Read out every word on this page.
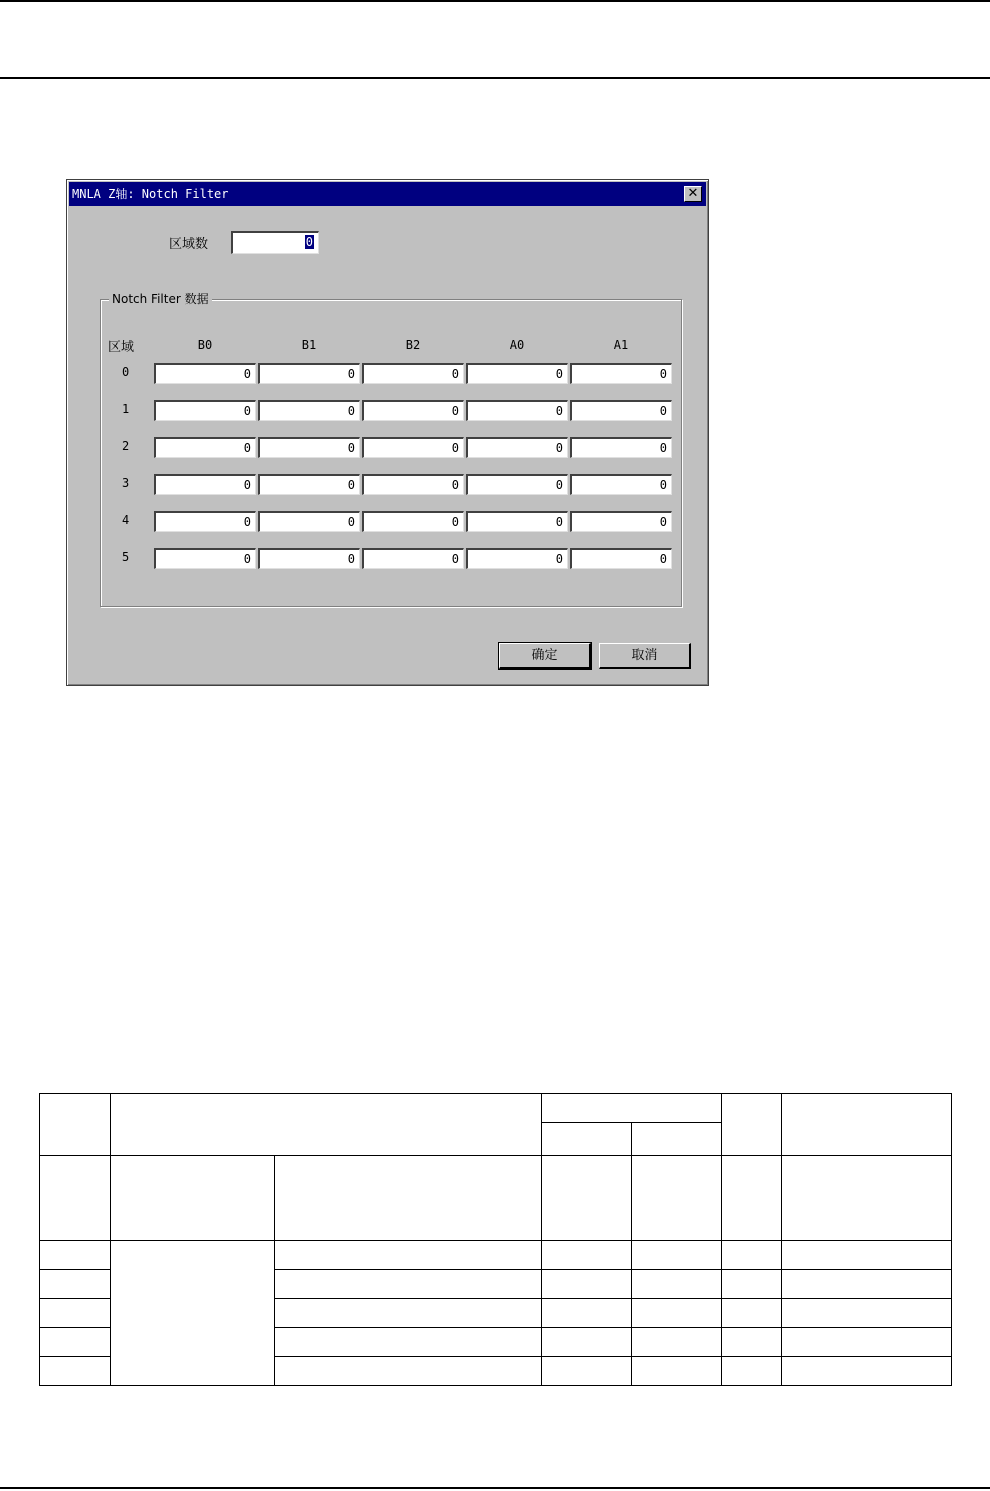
MNLA Z轴: Notch Filter	✕
区域数	0
Notch Filter 数据
区域	B0	B1	B2	A0	A1
0	0	0	0	0	0
1	0	0	0	0	0
2	0	0	0	0	0
3	0	0	0	0	0
4	0	0	0	0	0
5	0	0	0	0	0
确定	取消
